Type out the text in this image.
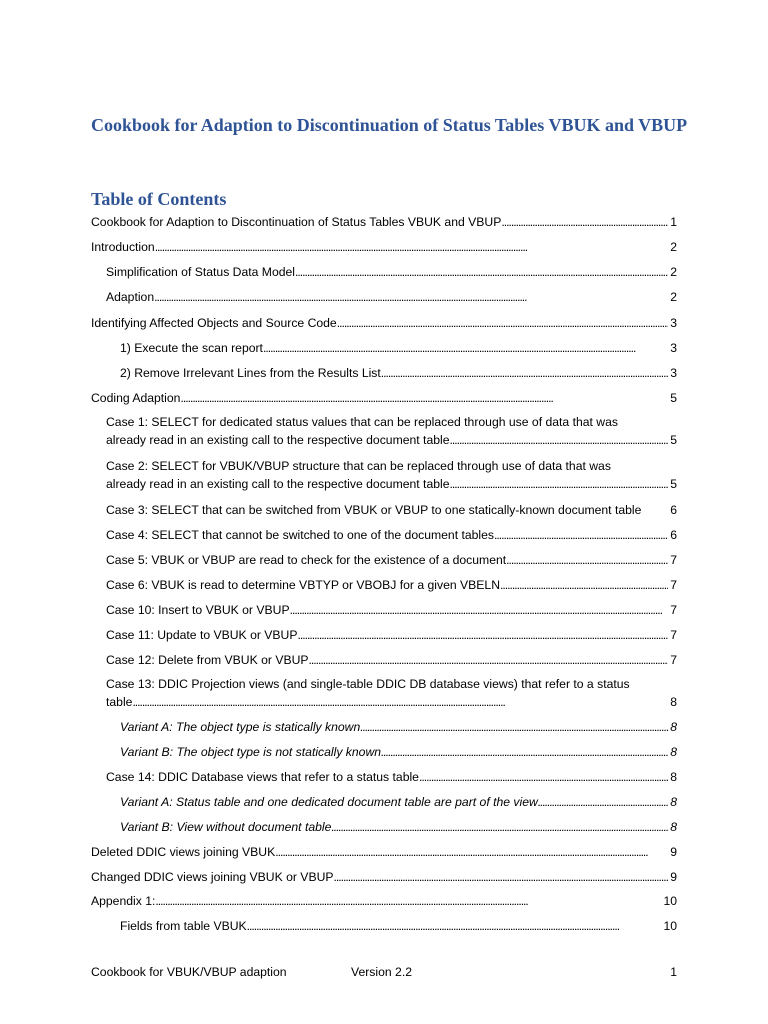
Cookbook for Adaption to Discontinuation of Status Tables VBUK and VBUP
Table of Contents
Cookbook for Adaption to Discontinuation of Status Tables VBUK and VBUP . . .	1
Introduction . . .	2
Simplification of Status Data Model . . .	2
Adaption . . .	2
Identifying Affected Objects and Source Code . . .	3
1) Execute the scan report . . .	3
2) Remove Irrelevant Lines from the Results List . . .	3
Coding Adaption . . .	5
Case 1: SELECT for dedicated status values that can be replaced through use of data that was
already read in an existing call to the respective document table . . .	5
Case 2: SELECT for VBUK/VBUP structure that can be replaced through use of data that was
already read in an existing call to the respective document table . . .	5
Case 3: SELECT that can be switched from VBUK or VBUP to one statically-known document table 6
Case 4: SELECT that cannot be switched to one of the document tables . . .	6
Case 5: VBUK or VBUP are read to check for the existence of a document . . .	7
Case 6: VBUK is read to determine VBTYP or VBOBJ for a given VBELN . . .	7
Case 10: Insert to VBUK or VBUP . . .	7
Case 11: Update to VBUK or VBUP . . .	7
Case 12: Delete from VBUK or VBUP . . .	7
Case 13: DDIC Projection views (and single-table DDIC DB database views) that refer to a status
table . . .	8
Variant A: The object type is statically known . . .	8
Variant B: The object type is not statically known . . .	8
Case 14: DDIC Database views that refer to a status table . . .	8
Variant A: Status table and one dedicated document table are part of the view . . .	8
Variant B: View without document table . . .	8
Deleted DDIC views joining VBUK . . .	9
Changed DDIC views joining VBUK or VBUP . . .	9
Appendix 1: . . .	10
Fields from table VBUK . . .	10
Cookbook for VBUK/VBUP adaption	Version 2.2	1
